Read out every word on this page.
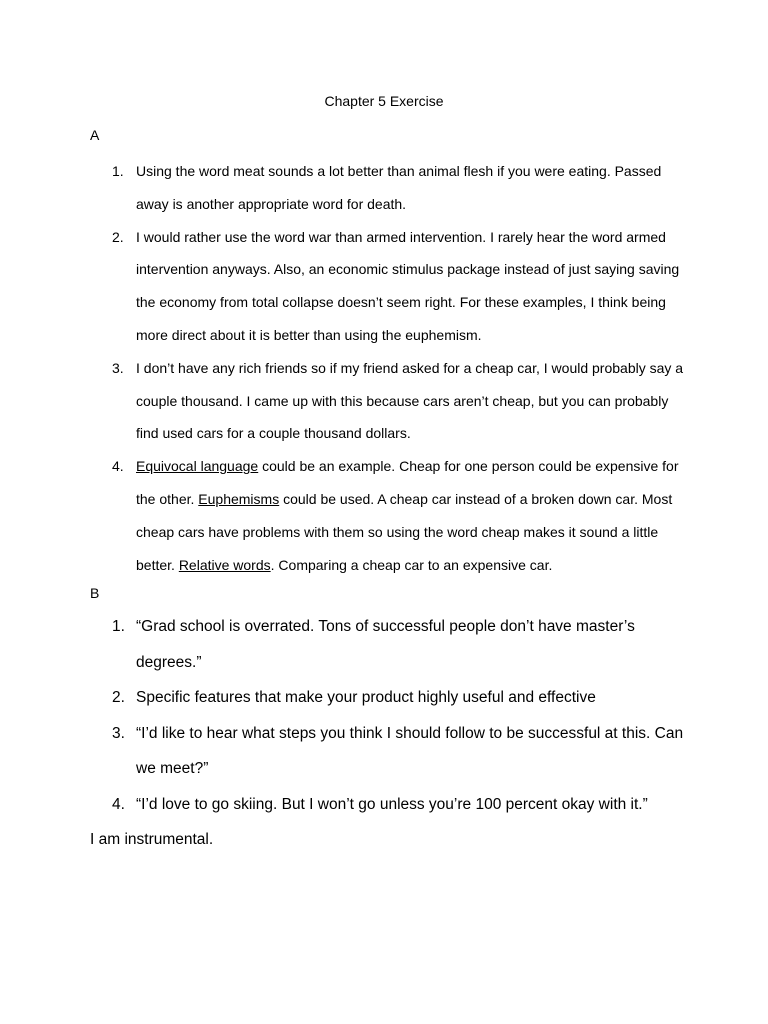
Chapter 5 Exercise
A
1. Using the word meat sounds a lot better than animal flesh if you were eating. Passed away is another appropriate word for death.
2. I would rather use the word war than armed intervention. I rarely hear the word armed intervention anyways. Also, an economic stimulus package instead of just saying saving the economy from total collapse doesn’t seem right. For these examples, I think being more direct about it is better than using the euphemism.
3. I don’t have any rich friends so if my friend asked for a cheap car, I would probably say a couple thousand. I came up with this because cars aren’t cheap, but you can probably find used cars for a couple thousand dollars.
4. Equivocal language could be an example. Cheap for one person could be expensive for the other. Euphemisms could be used. A cheap car instead of a broken down car. Most cheap cars have problems with them so using the word cheap makes it sound a little better. Relative words. Comparing a cheap car to an expensive car.
B
1. “Grad school is overrated. Tons of successful people don’t have master’s degrees.”
2. Specific features that make your product highly useful and effective
3. “I’d like to hear what steps you think I should follow to be successful at this. Can we meet?”
4. “I’d love to go skiing. But I won’t go unless you’re 100 percent okay with it.”
I am instrumental.
